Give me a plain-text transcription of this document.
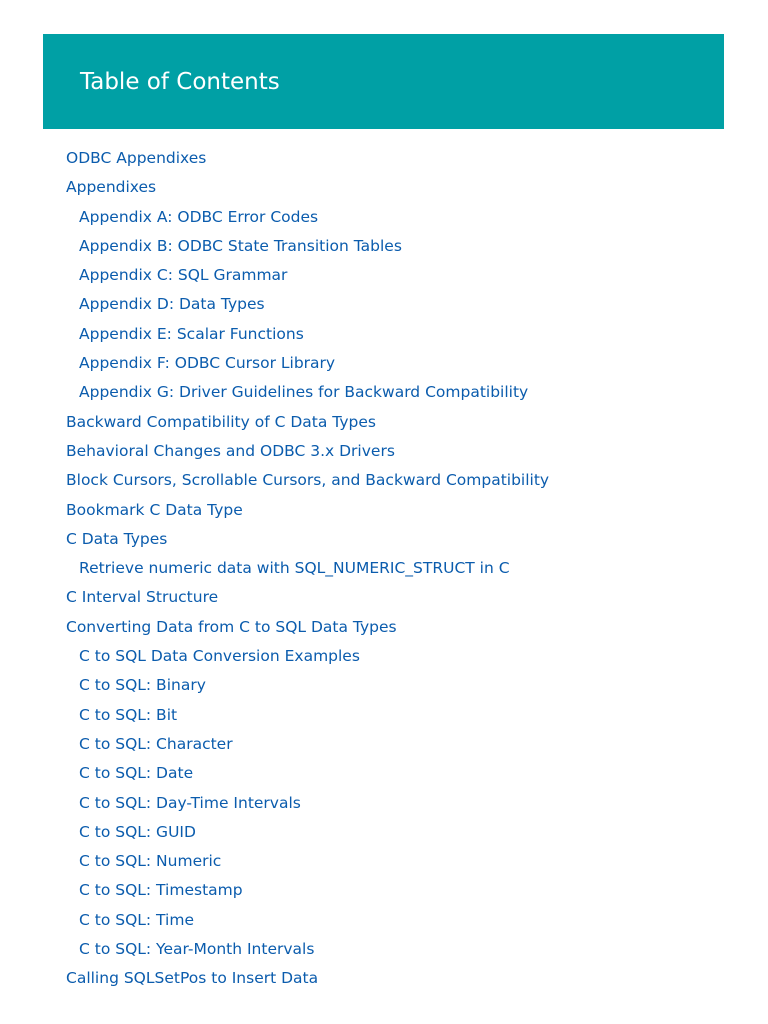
Table of Contents
ODBC Appendixes
Appendixes
Appendix A: ODBC Error Codes
Appendix B: ODBC State Transition Tables
Appendix C: SQL Grammar
Appendix D: Data Types
Appendix E: Scalar Functions
Appendix F: ODBC Cursor Library
Appendix G: Driver Guidelines for Backward Compatibility
Backward Compatibility of C Data Types
Behavioral Changes and ODBC 3.x Drivers
Block Cursors, Scrollable Cursors, and Backward Compatibility
Bookmark C Data Type
C Data Types
Retrieve numeric data with SQL_NUMERIC_STRUCT in C
C Interval Structure
Converting Data from C to SQL Data Types
C to SQL Data Conversion Examples
C to SQL: Binary
C to SQL: Bit
C to SQL: Character
C to SQL: Date
C to SQL: Day-Time Intervals
C to SQL: GUID
C to SQL: Numeric
C to SQL: Timestamp
C to SQL: Time
C to SQL: Year-Month Intervals
Calling SQLSetPos to Insert Data
